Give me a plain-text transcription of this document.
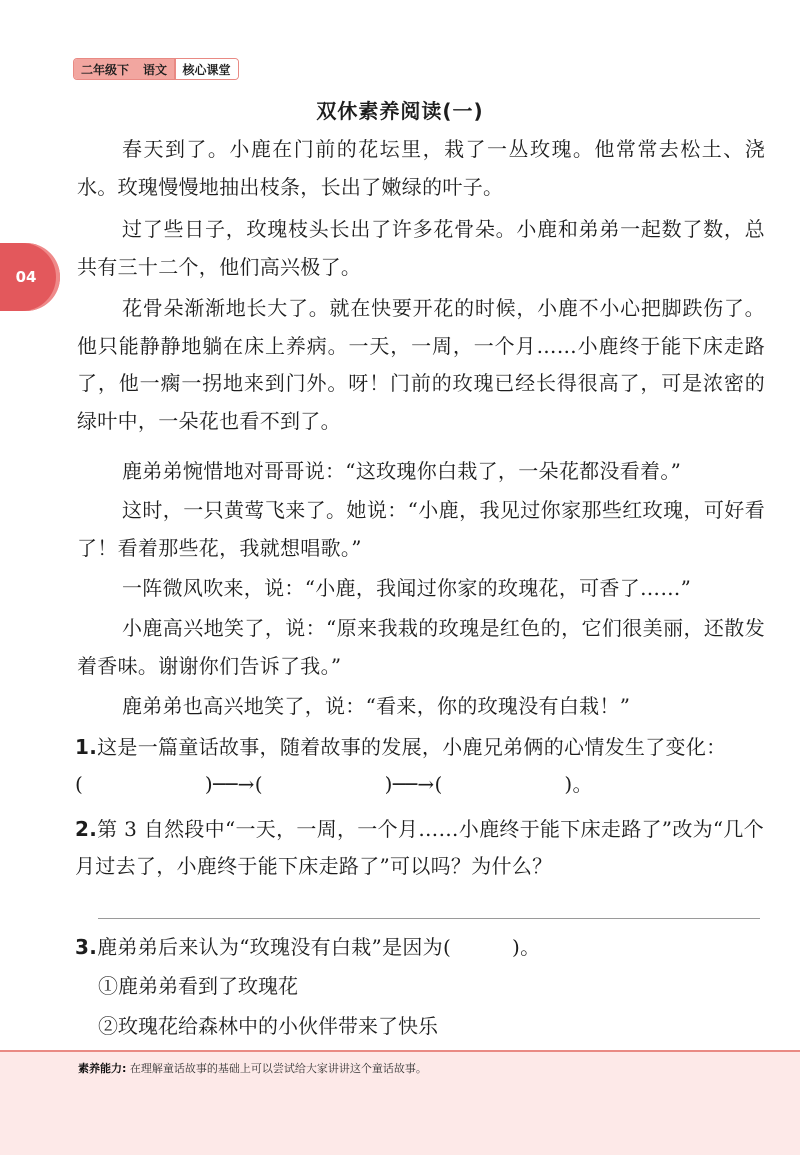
二年级下	语文	核心课堂
04
双休素养阅读(一)

春天到了。小鹿在门前的花坛里，栽了一丛玫瑰。他常常去松土、浇水。玫瑰慢慢地抽出枝条，长出了嫩绿的叶子。

过了些日子，玫瑰枝头长出了许多花骨朵。小鹿和弟弟一起数了数，总共有三十二个，他们高兴极了。

花骨朵渐渐地长大了。就在快要开花的时候，小鹿不小心把脚跌伤了。他只能静静地躺在床上养病。一天，一周，一个月……小鹿终于能下床走路了，他一瘸一拐地来到门外。呀！门前的玫瑰已经长得很高了，可是浓密的绿叶中，一朵花也看不到了。

鹿弟弟惋惜地对哥哥说：“这玫瑰你白栽了，一朵花都没看着。”

这时，一只黄莺飞来了。她说：“小鹿，我见过你家那些红玫瑰，可好看了！看着那些花，我就想唱歌。”

一阵微风吹来，说：“小鹿，我闻过你家的玫瑰花，可香了……”

小鹿高兴地笑了，说：“原来我栽的玫瑰是红色的，它们很美丽，还散发着香味。谢谢你们告诉了我。”

鹿弟弟也高兴地笑了，说：“看来，你的玫瑰没有白栽！”

1.这是一篇童话故事，随着故事的发展，小鹿兄弟俩的心情发生了变化：(　　　　　　)──→(　　　　　　)──→(　　　　　　)。
2.第 3 自然段中“一天，一周，一个月……小鹿终于能下床走路了”改为“几个月过去了，小鹿终于能下床走路了”可以吗？为什么？
3.鹿弟弟后来认为“玫瑰没有白栽”是因为(　　　)。
①鹿弟弟看到了玫瑰花
②玫瑰花给森林中的小伙伴带来了快乐
素养能力: 在理解童话故事的基础上可以尝试给大家讲讲这个童话故事。
